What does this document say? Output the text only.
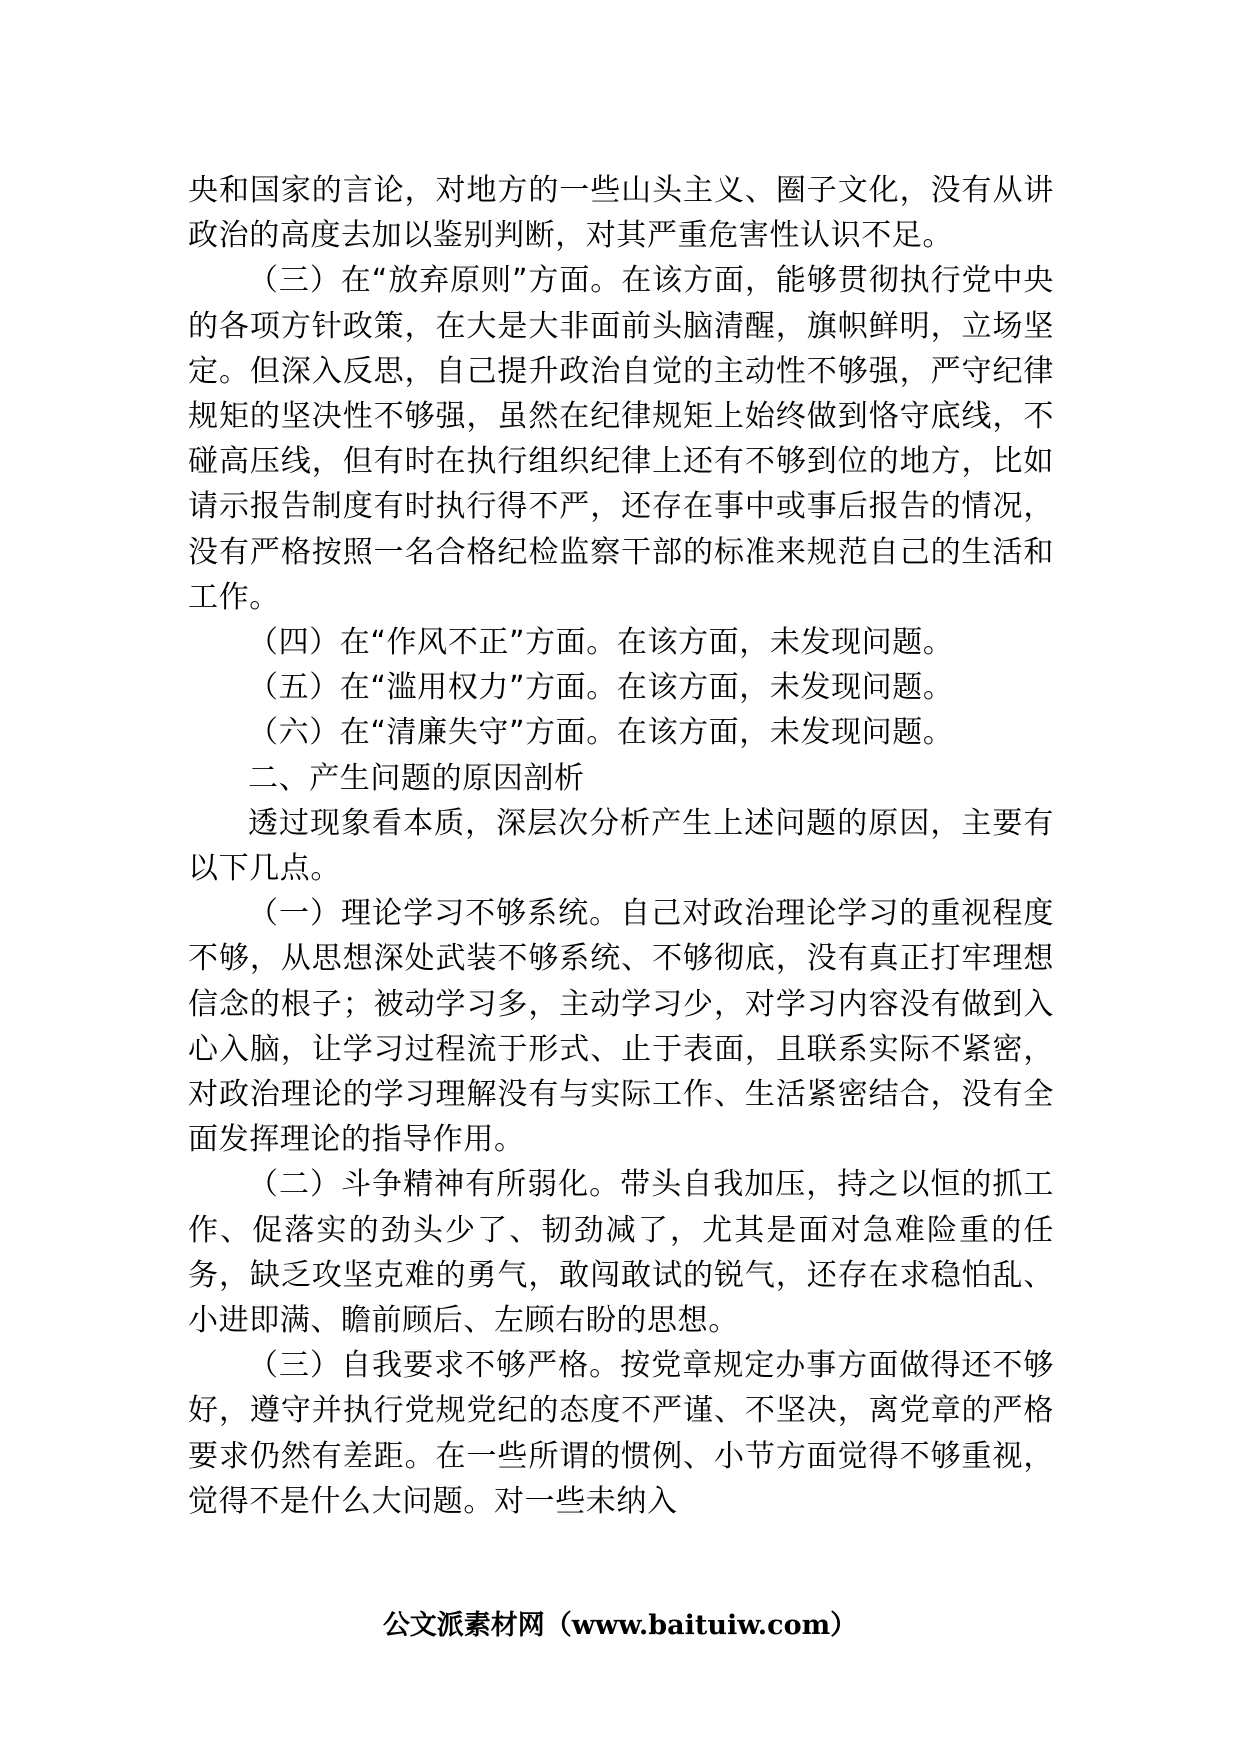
央和国家的言论，对地方的一些山头主义、圈子文化，没有从讲政治的高度去加以鉴别判断，对其严重危害性认识不足。

（三）在“放弃原则”方面。在该方面，能够贯彻执行党中央的各项方针政策，在大是大非面前头脑清醒，旗帜鲜明，立场坚定。但深入反思，自己提升政治自觉的主动性不够强，严守纪律规矩的坚决性不够强，虽然在纪律规矩上始终做到恪守底线，不碰高压线，但有时在执行组织纪律上还有不够到位的地方，比如请示报告制度有时执行得不严，还存在事中或事后报告的情况，没有严格按照一名合格纪检监察干部的标准来规范自己的生活和工作。

（四）在“作风不正”方面。在该方面，未发现问题。

（五）在“滥用权力”方面。在该方面，未发现问题。

（六）在“清廉失守”方面。在该方面，未发现问题。

二、产生问题的原因剖析

透过现象看本质，深层次分析产生上述问题的原因，主要有以下几点。

（一）理论学习不够系统。自己对政治理论学习的重视程度不够，从思想深处武装不够系统、不够彻底，没有真正打牢理想信念的根子；被动学习多，主动学习少，对学习内容没有做到入心入脑，让学习过程流于形式、止于表面，且联系实际不紧密，对政治理论的学习理解没有与实际工作、生活紧密结合，没有全面发挥理论的指导作用。

（二）斗争精神有所弱化。带头自我加压，持之以恒的抓工作、促落实的劲头少了、韧劲减了，尤其是面对急难险重的任务，缺乏攻坚克难的勇气，敢闯敢试的锐气，还存在求稳怕乱、小进即满、瞻前顾后、左顾右盼的思想。

（三）自我要求不够严格。按党章规定办事方面做得还不够好，遵守并执行党规党纪的态度不严谨、不坚决，离党章的严格要求仍然有差距。在一些所谓的惯例、小节方面觉得不够重视，觉得不是什么大问题。对一些未纳入

公文派素材网（www.baituiw.com）
